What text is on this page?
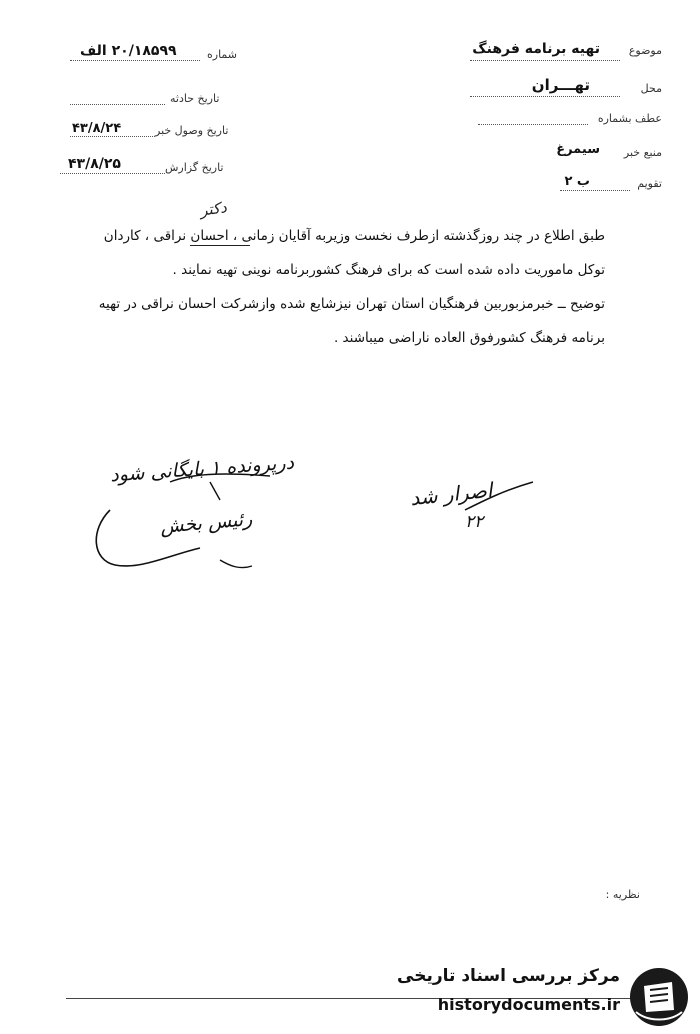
موضوع
تهیه برنامه فرهنگ
محل
تهـــران
عطف بشماره
منبع خبر
سیمرغ
تقویم
ب ۲
شماره
۲۰/۱۸۵۹۹ الف
تاریخ حادثه
تاریخ وصول خبر
۴۳/۸/۲۴
تاریخ گزارش
۴۳/۸/۲۵
دکتر
طبق اطلاع در چند روزگذشته ازطرف نخست وزیربه آقایان زمانی ، احسان نراقی ، کاردان
توکل ماموریت داده شده است که برای فرهنگ کشوربرنامه نوینی تهیه نمایند .
توضیح ــ خبرمزبوربین فرهنگیان استان تهران نیزشایع شده وازشرکت احسان نراقی در تهیه
برنامه فرهنگ کشورفوق العاده ناراضی میباشند .
درپرونده ۱ بایگانی شود
رئیس بخش
اصرار شد
۲۲
نظریه :
مرکز بررسی اسناد تاریخی
historydocuments.ir
